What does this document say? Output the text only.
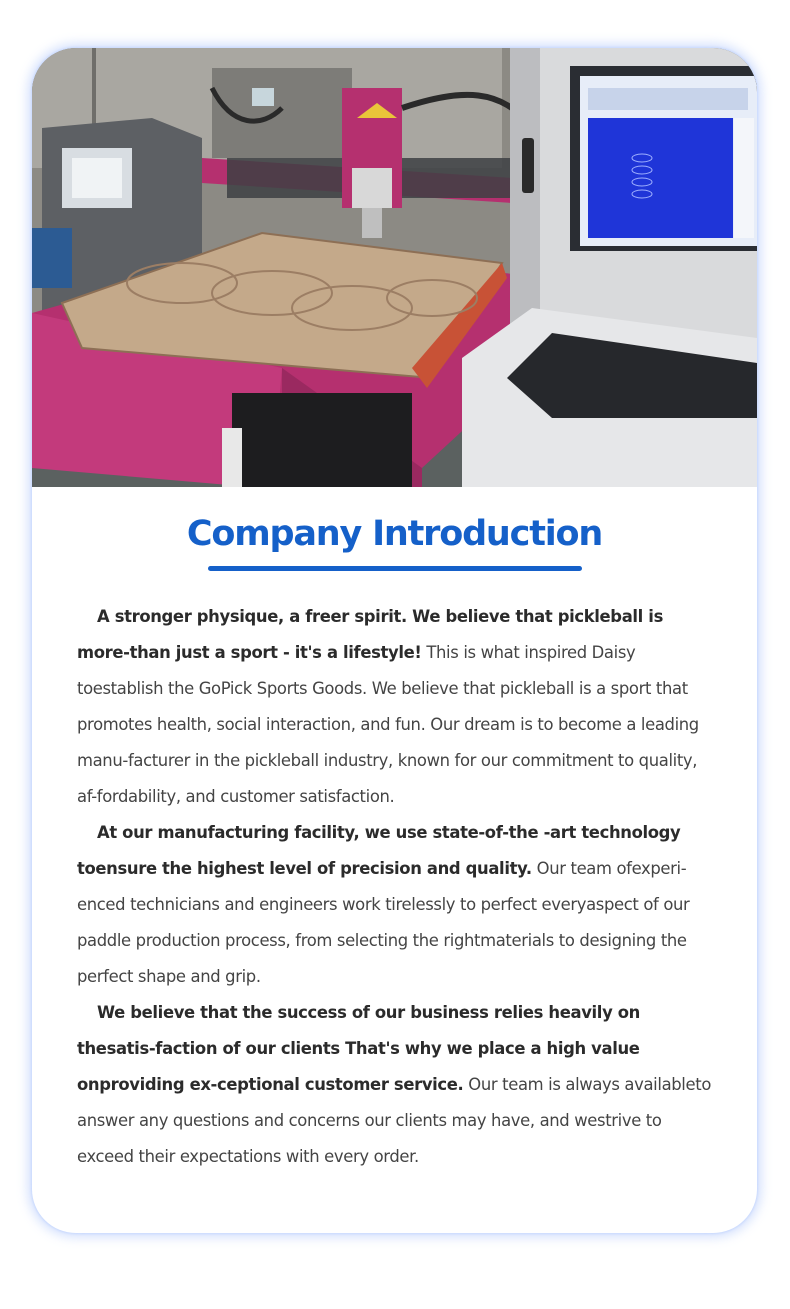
Company Introduction

A stronger physique, a freer spirit. We believe that pickleball is more-than just a sport - it's a lifestyle! This is what inspired Daisy toestablish the GoPick Sports Goods. We believe that pickleball is a sport that promotes health, social interaction, and fun. Our dream is to become a leading manu-facturer in the pickleball industry, known for our commitment to quality, af-fordability, and customer satisfaction.

At our manufacturing facility, we use state-of-the -art technology toensure the highest level of precision and quality. Our team ofexperi-enced technicians and engineers work tirelessly to perfect everyaspect of our paddle production process, from selecting the rightmaterials to designing the perfect shape and grip.

We believe that the success of our business relies heavily on thesatis-faction of our clients That's why we place a high value onproviding ex-ceptional customer service. Our team is always availableto answer any questions and concerns our clients may have, and westrive to exceed their expectations with every order.
